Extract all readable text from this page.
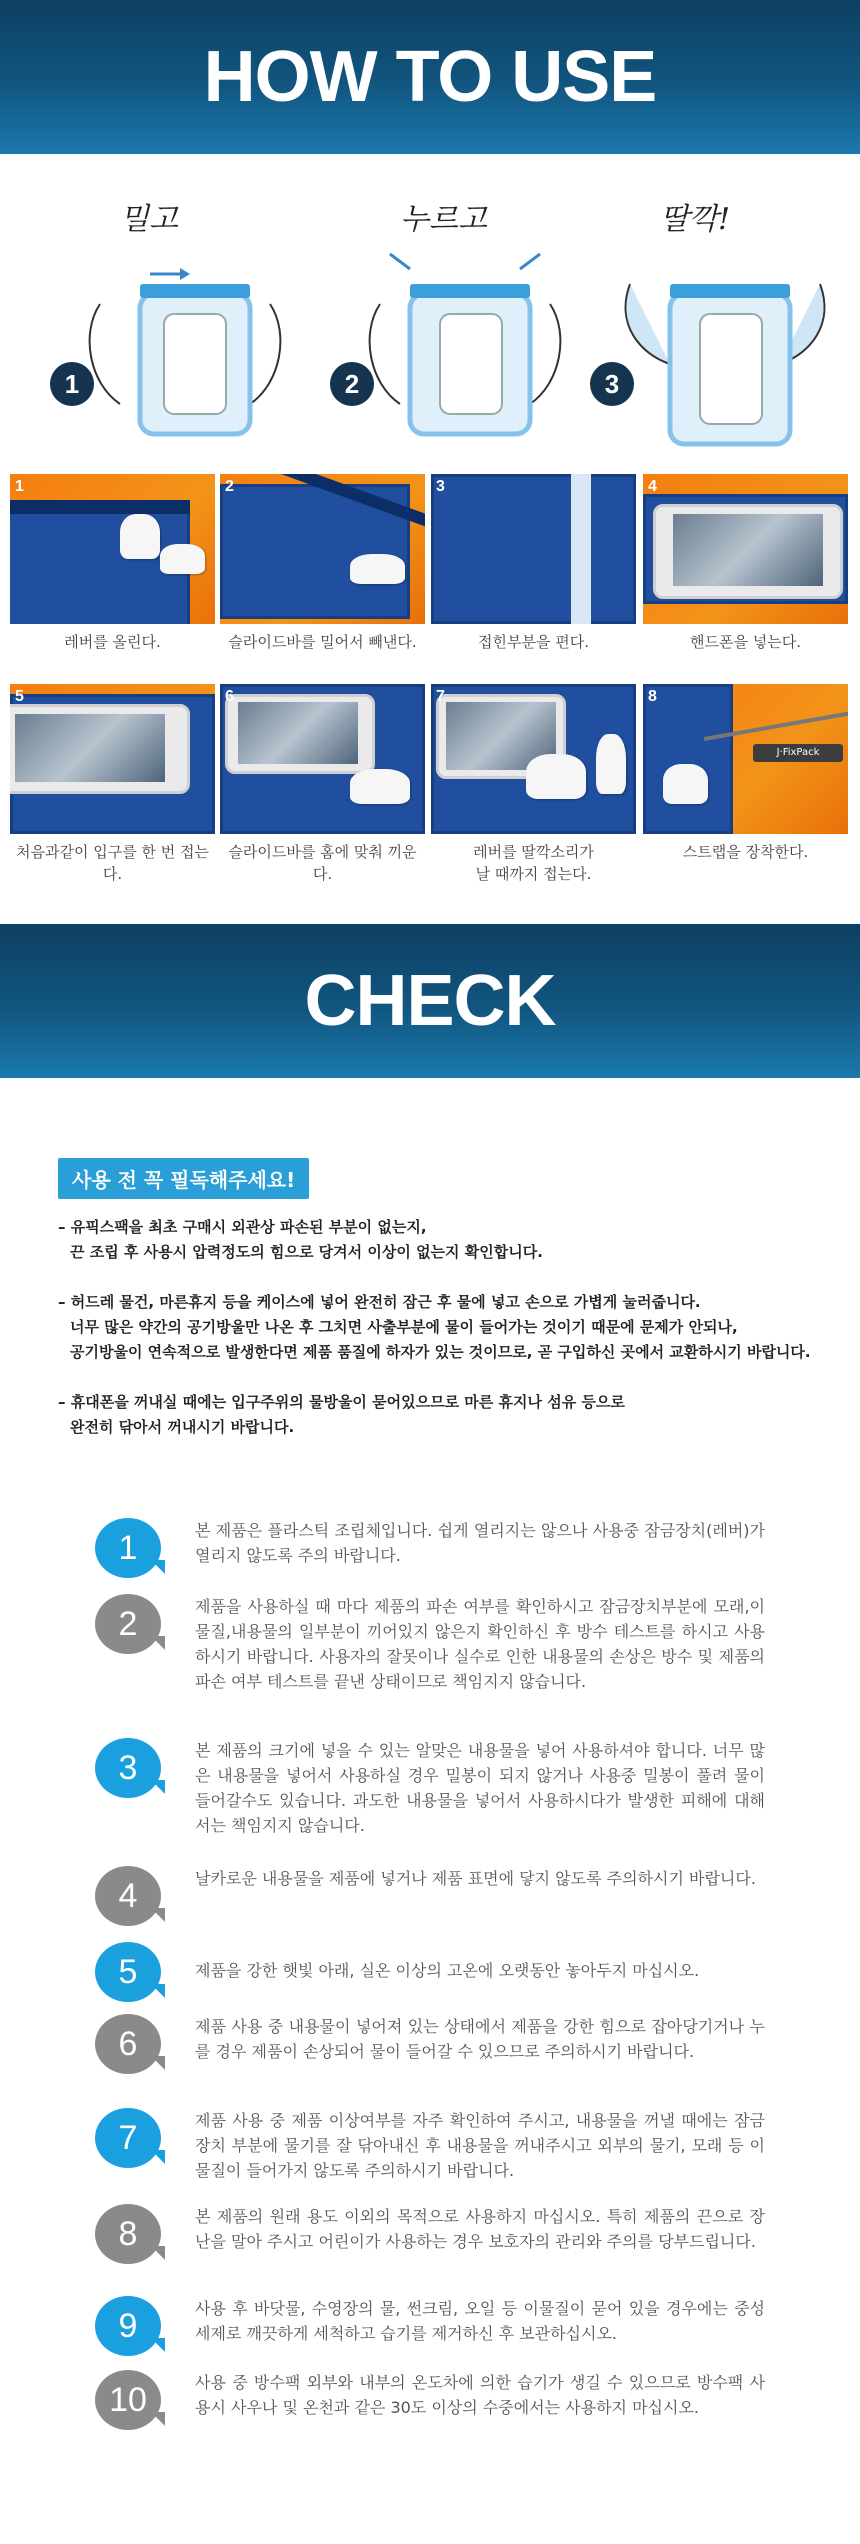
HOW TO USE
밀고
1
누르고
2
딸깍!
3
1
레버를 올린다.
2
슬라이드바를 밀어서 빼낸다.
3
접힌부분을 편다.
4
핸드폰을 넣는다.
5
처음과같이 입구를 한 번 접는다.
6
슬라이드바를 홈에 맞춰 끼운다.
7
레버를 딸깍소리가
날 때까지 접는다.
8
J·FixPack
스트랩을 장착한다.
CHECK
사용 전 꼭 필독해주세요!
– 유픽스팩을 최초 구매시 외관상 파손된 부분이 없는지,
끈 조립 후 사용시 압력정도의 힘으로 당겨서 이상이 없는지 확인합니다.
– 허드레 물건, 마른휴지 등을 케이스에 넣어 완전히 잠근 후 물에 넣고 손으로 가볍게 눌러줍니다.
너무 많은 약간의 공기방울만 나온 후 그치면 사출부분에 물이 들어가는 것이기 때문에 문제가 안되나,
공기방울이 연속적으로 발생한다면 제품 품질에 하자가 있는 것이므로, 곧 구입하신 곳에서 교환하시기 바랍니다.
– 휴대폰을 꺼내실 때에는 입구주위의 물방울이 묻어있으므로 마른 휴지나 섬유 등으로
완전히 닦아서 꺼내시기 바랍니다.
1	본 제품은 플라스틱 조립체입니다. 쉽게 열리지는 않으나 사용중 잠금장치(레버)가 열리지 않도록 주의 바랍니다.
2	제품을 사용하실 때 마다 제품의 파손 여부를 확인하시고 잠금장치부분에 모래,이물질,내용물의 일부분이 끼어있지 않은지 확인하신 후 방수 테스트를 하시고 사용하시기 바랍니다. 사용자의 잘못이나 실수로 인한 내용물의 손상은 방수 및 제품의 파손 여부 테스트를 끝낸 상태이므로 책임지지 않습니다.
3	본 제품의 크기에 넣을 수 있는 알맞은 내용물을 넣어 사용하셔야 합니다. 너무 많은 내용물을 넣어서 사용하실 경우 밀봉이 되지 않거나 사용중 밀봉이 풀려 물이 들어갈수도 있습니다. 과도한 내용물을 넣어서 사용하시다가 발생한 피해에 대해서는 책임지지 않습니다.
4	날카로운 내용물을 제품에 넣거나 제품 표면에 닿지 않도록 주의하시기 바랍니다.
5	제품을 강한 햇빛 아래, 실온 이상의 고온에 오랫동안 놓아두지 마십시오.
6	제품 사용 중 내용물이 넣어져 있는 상태에서 제품을 강한 힘으로 잡아당기거나 누를 경우 제품이 손상되어 물이 들어갈 수 있으므로 주의하시기 바랍니다.
7	제품 사용 중 제품 이상여부를 자주 확인하여 주시고, 내용물을 꺼낼 때에는 잠금장치 부분에 물기를 잘 닦아내신 후 내용물을 꺼내주시고 외부의 물기, 모래 등 이물질이 들어가지 않도록 주의하시기 바랍니다.
8	본 제품의 원래 용도 이외의 목적으로 사용하지 마십시오. 특히 제품의 끈으로 장난을 말아 주시고 어린이가 사용하는 경우 보호자의 관리와 주의를 당부드립니다.
9	사용 후 바닷물, 수영장의 물, 썬크림, 오일 등 이물질이 묻어 있을 경우에는 중성 세제로 깨끗하게 세척하고 습기를 제거하신 후 보관하십시오.
10	사용 중 방수팩 외부와 내부의 온도차에 의한 습기가 생길 수 있으므로 방수팩 사용시 사우나 및 온천과 같은 30도 이상의 수중에서는 사용하지 마십시오.
